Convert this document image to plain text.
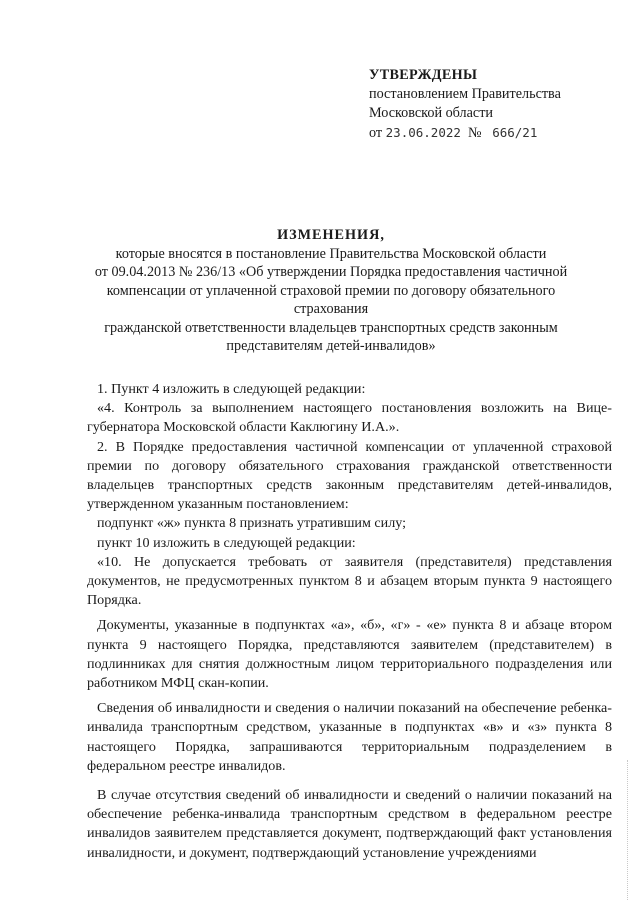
УТВЕРЖДЕНЫ
постановлением Правительства
Московской области
от 23.06.2022 № 666/21
ИЗМЕНЕНИЯ,
которые вносятся в постановление Правительства Московской области
от 09.04.2013 № 236/13 «Об утверждении Порядка предоставления частичной
компенсации от уплаченной страховой премии по договору обязательного страхования
гражданской ответственности владельцев транспортных средств законным
представителям детей-инвалидов»

1. Пункт 4 изложить в следующей редакции:

«4. Контроль за выполнением настоящего постановления возложить на Вице-губернатора Московской области Каклюгину И.А.».

2. В Порядке предоставления частичной компенсации от уплаченной страховой премии по договору обязательного страхования гражданской ответственности владельцев транспортных средств законным представителям детей-инвалидов, утвержденном указанным постановлением:

подпункт «ж» пункта 8 признать утратившим силу;

пункт 10 изложить в следующей редакции:

«10. Не допускается требовать от заявителя (представителя) представления документов, не предусмотренных пунктом 8 и абзацем вторым пункта 9 настоящего Порядка.

Документы, указанные в подпунктах «а», «б», «г» - «е» пункта 8 и абзаце втором пункта 9 настоящего Порядка, представляются заявителем (представителем) в подлинниках для снятия должностным лицом территориального подразделения или работником МФЦ скан-копии.

Сведения об инвалидности и сведения о наличии показаний на обеспечение ребенка-инвалида транспортным средством, указанные в подпунктах «в» и «з» пункта 8 настоящего Порядка, запрашиваются территориальным подразделением в федеральном реестре инвалидов.

В случае отсутствия сведений об инвалидности и сведений о наличии показаний на обеспечение ребенка-инвалида транспортным средством в федеральном реестре инвалидов заявителем представляется документ, подтверждающий факт установления инвалидности, и документ, подтверждающий установление учреждениями
